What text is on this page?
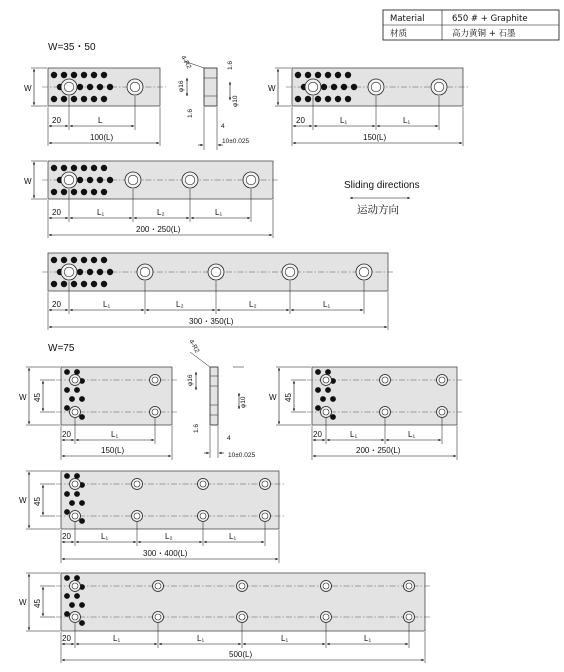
Material	650 # + Graphite
材质	高力黄铜 + 石墨
W=35・50
W=75
Sliding directions
运动方向
W
20	L
100(L)
4-R2
φ16
φ10
1.6
1.6
4
10±0.025
W
20	L₁	L₁
150(L)
W
20	L₁	L₂	L₁
200・250(L)
20	L₁	L₂	L₂	L₁
300・350(L)
W 45
20	L₁
150(L)
4-R2
φ16
φ10
1.6
4
10±0.025
W 45
20	L₁	L₁
200・250(L)
W 45
20	L₁	L₂	L₁
300・400(L)
W 45
20	L₁	L₁	L₁	L₁
500(L)
